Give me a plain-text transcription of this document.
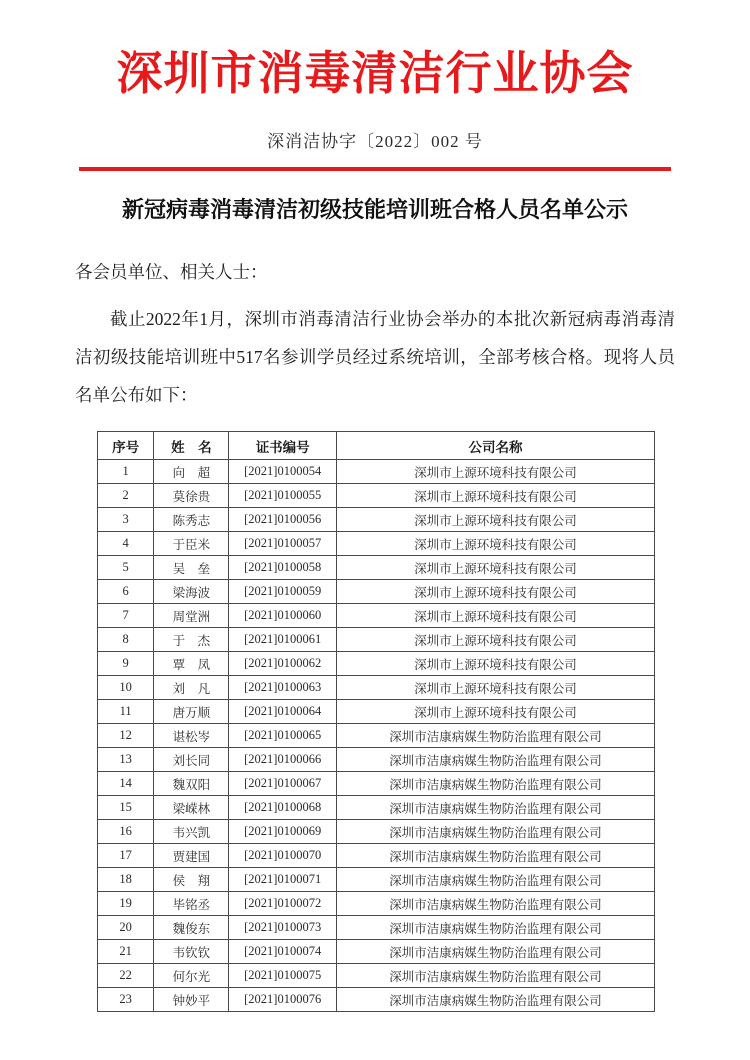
深圳市消毒清洁行业协会
深消洁协字〔2022〕002 号
新冠病毒消毒清洁初级技能培训班合格人员名单公示

各会员单位、相关人士：

截止2022年1月，深圳市消毒清洁行业协会举办的本批次新冠病毒消毒清洁初级技能培训班中517名参训学员经过系统培训，全部考核合格。现将人员名单公布如下：

序号	姓　名	证书编号	公司名称
1	向　超	[2021]0100054	深圳市上源环境科技有限公司
2	莫徐贵	[2021]0100055	深圳市上源环境科技有限公司
3	陈秀志	[2021]0100056	深圳市上源环境科技有限公司
4	于臣米	[2021]0100057	深圳市上源环境科技有限公司
5	吴　垒	[2021]0100058	深圳市上源环境科技有限公司
6	梁海波	[2021]0100059	深圳市上源环境科技有限公司
7	周堂洲	[2021]0100060	深圳市上源环境科技有限公司
8	于　杰	[2021]0100061	深圳市上源环境科技有限公司
9	覃　凤	[2021]0100062	深圳市上源环境科技有限公司
10	刘　凡	[2021]0100063	深圳市上源环境科技有限公司
11	唐万顺	[2021]0100064	深圳市上源环境科技有限公司
12	谌松岑	[2021]0100065	深圳市洁康病媒生物防治监理有限公司
13	刘长同	[2021]0100066	深圳市洁康病媒生物防治监理有限公司
14	魏双阳	[2021]0100067	深圳市洁康病媒生物防治监理有限公司
15	梁嵘林	[2021]0100068	深圳市洁康病媒生物防治监理有限公司
16	韦兴凯	[2021]0100069	深圳市洁康病媒生物防治监理有限公司
17	贾建国	[2021]0100070	深圳市洁康病媒生物防治监理有限公司
18	侯　翔	[2021]0100071	深圳市洁康病媒生物防治监理有限公司
19	毕铭丞	[2021]0100072	深圳市洁康病媒生物防治监理有限公司
20	魏俊东	[2021]0100073	深圳市洁康病媒生物防治监理有限公司
21	韦钦钦	[2021]0100074	深圳市洁康病媒生物防治监理有限公司
22	何尔光	[2021]0100075	深圳市洁康病媒生物防治监理有限公司
23	钟妙平	[2021]0100076	深圳市洁康病媒生物防治监理有限公司
